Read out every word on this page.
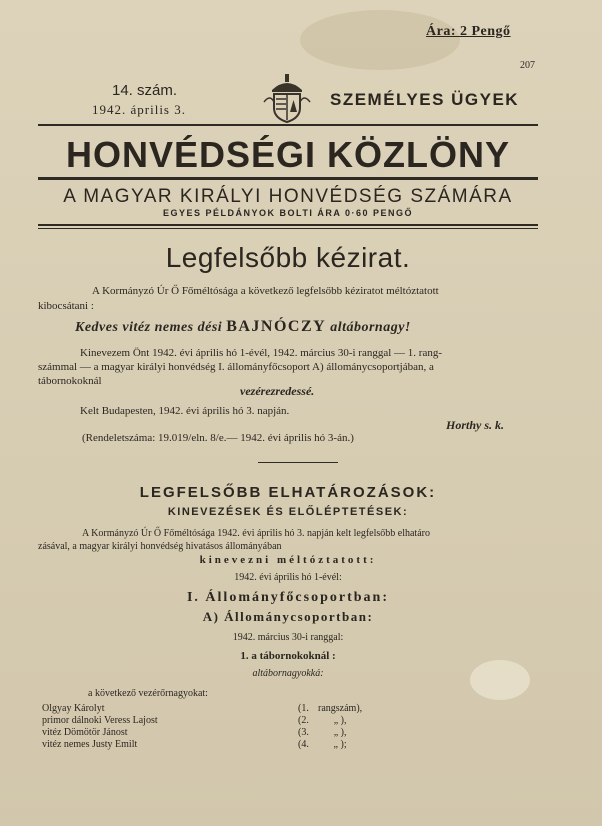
Ára: 2 Pengő
207
14. szám.
1942. április 3.
SZEMÉLYES ÜGYEK
HONVÉDSÉGI KÖZLÖNY
A MAGYAR KIRÁLYI HONVÉDSÉG SZÁMÁRA
EGYES PÉLDÁNYOK BOLTI ÁRA 0·60 PENGŐ
Legfelsőbb kézirat.
A Kormányzó Úr Ő Főméltósága a következő legfelsőbb kéziratot méltóztatott
kibocsátani :
Kedves vitéz nemes dési BAJNÓCZY altábornagy!
Kinevezem Önt 1942. évi április hó 1-évél, 1942. március 30-i ranggal — 1. rang-
számmal — a magyar királyi honvédség I. állományfőcsoport A) állománycsoportjában, a
tábornokoknál
vezérezredessé.
Kelt Budapesten, 1942. évi április hó 3. napján.
Horthy s. k.
(Rendeletszáma: 19.019/eln. 8/e.— 1942. évi április hó 3-án.)
LEGFELSŐBB ELHATÁROZÁSOK:
KINEVEZÉSEK ÉS ELŐLÉPTETÉSEK:
A Kormányzó Úr Ő Főméltósága 1942. évi április hó 3. napján kelt legfelsőbb elhatáro
zásával, a magyar királyi honvédség hivatásos állományában
kinevezni méltóztatott:
1942. évi április hó 1-évél:
I. Állományfőcsoportban:
A) Állománycsoportban:
1942. március 30-i ranggal:
1. a tábornokoknál :
altábornagyokká:
a következő vezérőrnagyokat:
Olgyay Károlyt	(1.	rangszám),
primor dálnoki Veress Lajost	(2.	„ ),
vitéz Dömötör Jánost	(3.	„ ),
vitéz nemes Justy Emilt	(4.	„ );
